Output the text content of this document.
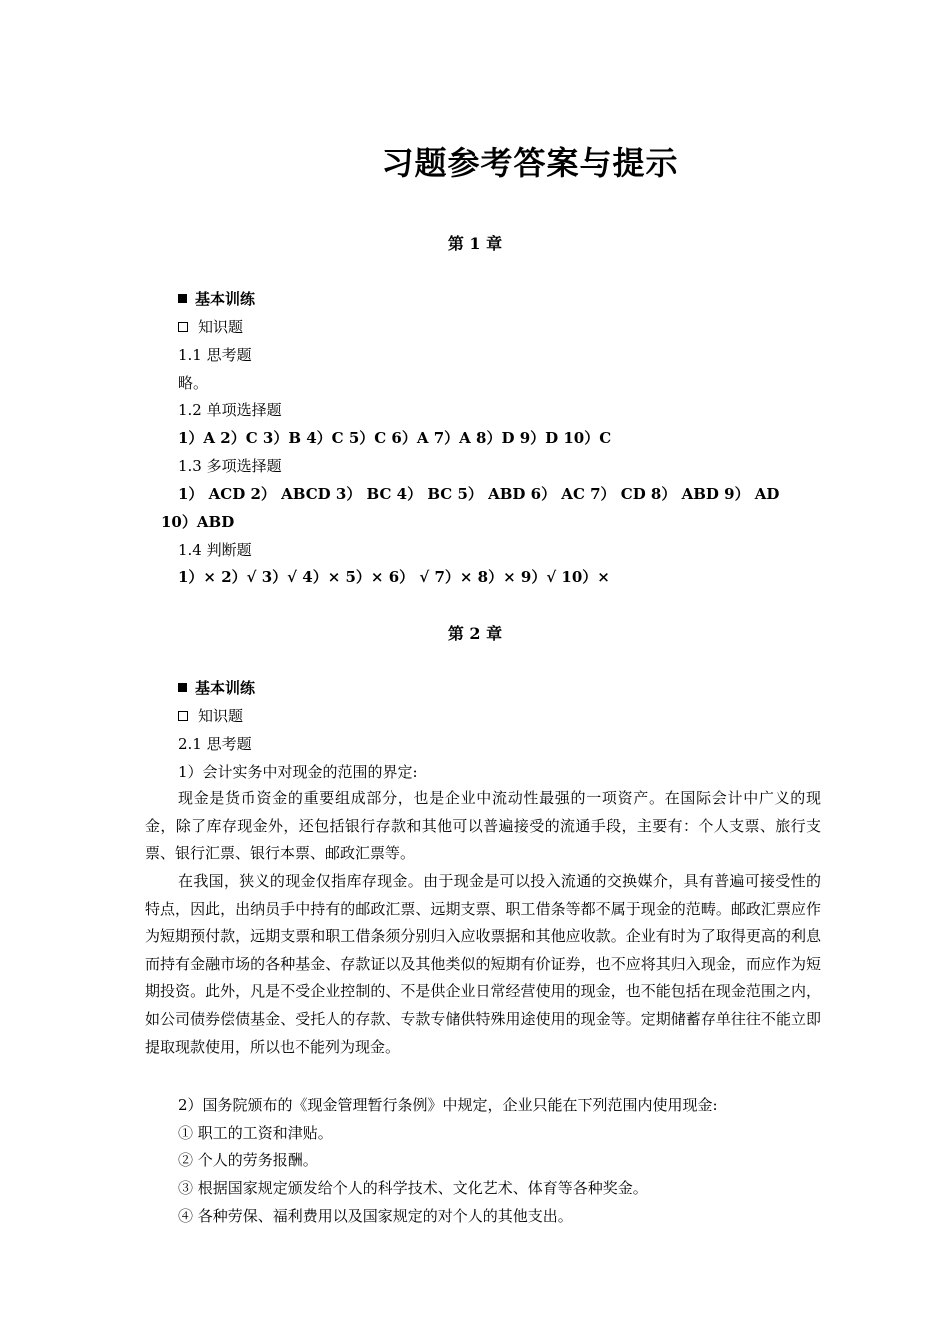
习题参考答案与提示
第 1 章
基本训练
知识题
1.1 思考题
略。
1.2 单项选择题
1）A 2）C 3）B 4）C 5）C 6）A 7）A 8）D 9）D 10）C
1.3 多项选择题
1） ACD 2） ABCD 3） BC 4） BC 5） ABD 6） AC 7） CD 8） ABD 9） AD
10）ABD
1.4 判断题
1）× 2）√ 3）√ 4）× 5）× 6） √ 7）× 8）× 9）√ 10）×
第 2 章
基本训练
知识题
2.1 思考题
1）会计实务中对现金的范围的界定:
现金是货币资金的重要组成部分，也是企业中流动性最强的一项资产。在国际会计中广义的现金，除了库存现金外，还包括银行存款和其他可以普遍接受的流通手段，主要有：个人支票、旅行支票、银行汇票、银行本票、邮政汇票等。
在我国，狭义的现金仅指库存现金。由于现金是可以投入流通的交换媒介，具有普遍可接受性的特点，因此，出纳员手中持有的邮政汇票、远期支票、职工借条等都不属于现金的范畴。邮政汇票应作为短期预付款，远期支票和职工借条须分别归入应收票据和其他应收款。企业有时为了取得更高的利息而持有金融市场的各种基金、存款证以及其他类似的短期有价证券，也不应将其归入现金，而应作为短期投资。此外，凡是不受企业控制的、不是供企业日常经营使用的现金，也不能包括在现金范围之内，如公司债券偿债基金、受托人的存款、专款专储供特殊用途使用的现金等。定期储蓄存单往往不能立即提取现款使用，所以也不能列为现金。
2）国务院颁布的《现金管理暂行条例》中规定，企业只能在下列范围内使用现金:
① 职工的工资和津贴。
② 个人的劳务报酬。
③ 根据国家规定颁发给个人的科学技术、文化艺术、体育等各种奖金。
④ 各种劳保、福利费用以及国家规定的对个人的其他支出。
